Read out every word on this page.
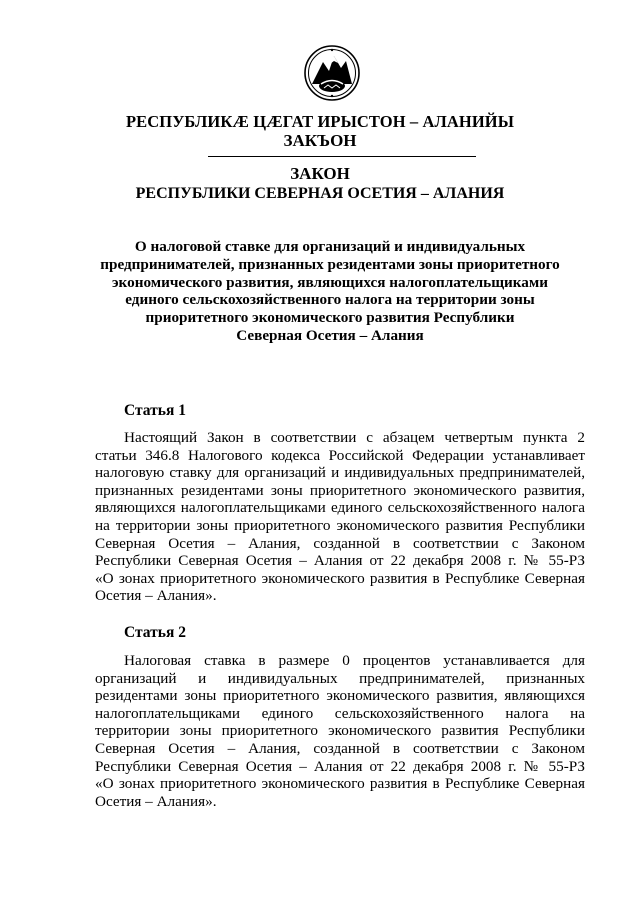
РЕСПУБЛИКÆ ЦÆГАТ ИРЫСТОН – АЛАНИЙЫ
ЗАКЪОН
ЗАКОН
РЕСПУБЛИКИ СЕВЕРНАЯ ОСЕТИЯ – АЛАНИЯ
О налоговой ставке для организаций и индивидуальных
предпринимателей, признанных резидентами зоны приоритетного
экономического развития, являющихся налогоплательщиками
единого сельскохозяйственного налога на территории зоны
приоритетного экономического развития Республики
Северная Осетия – Алания
Статья 1
Настоящий Закон в соответствии с абзацем четвертым пункта 2
статьи 346.8 Налогового кодекса Российской Федерации устанавливает
налоговую ставку для организаций и индивидуальных предпринимателей,
признанных резидентами зоны приоритетного экономического развития,
являющихся налогоплательщиками единого сельскохозяйственного налога
на территории зоны приоритетного экономического развития Республики
Северная Осетия – Алания, созданной в соответствии с Законом
Республики Северная Осетия – Алания от 22 декабря 2008 г. № 55-РЗ
«О зонах приоритетного экономического развития в Республике Северная
Осетия – Алания».
Статья 2
Налоговая ставка в размере 0 процентов устанавливается для
организаций и индивидуальных предпринимателей, признанных
резидентами зоны приоритетного экономического развития, являющихся
налогоплательщиками единого сельскохозяйственного налога на
территории зоны приоритетного экономического развития Республики
Северная Осетия – Алания, созданной в соответствии с Законом
Республики Северная Осетия – Алания от 22 декабря 2008 г. № 55-РЗ
«О зонах приоритетного экономического развития в Республике Северная
Осетия – Алания».
